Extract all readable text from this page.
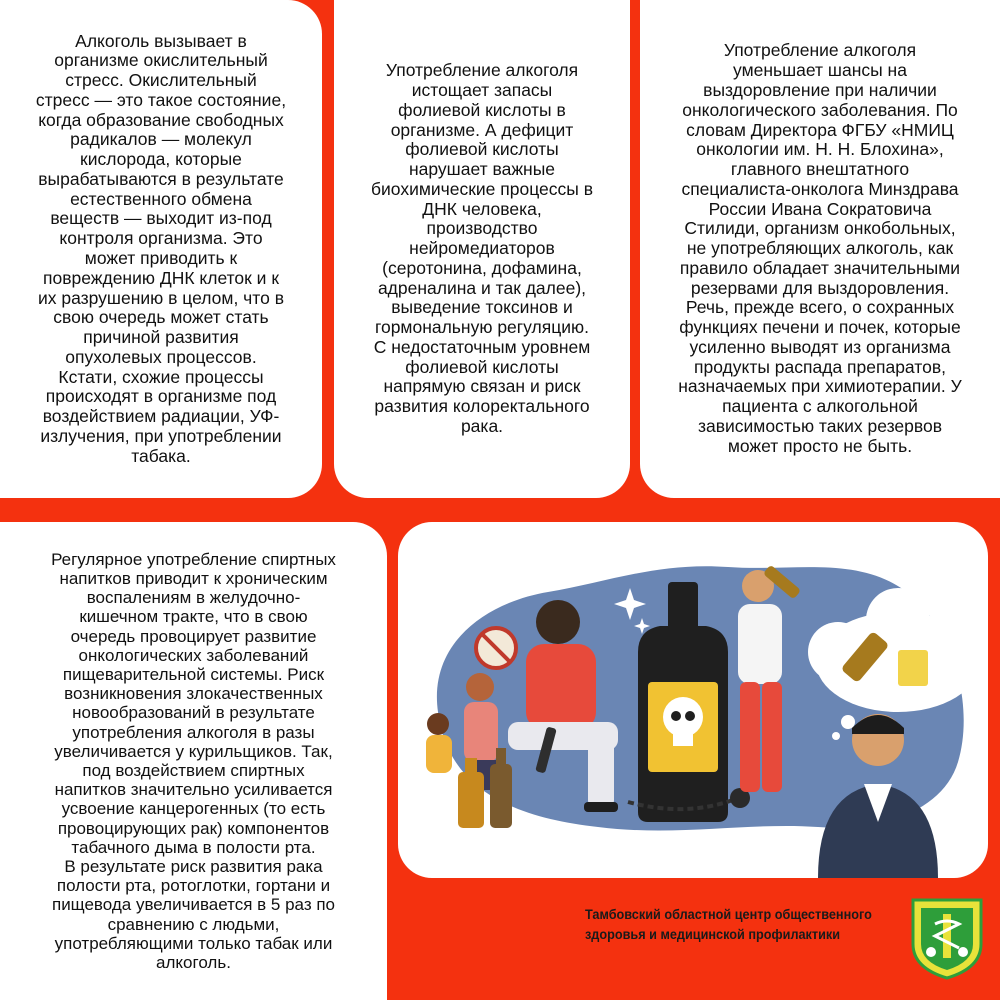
Алкоголь вызывает в
организме окислительный
стресс. Окислительный
стресс — это такое состояние,
когда образование свободных
радикалов — молекул
кислорода, которые
вырабатываются в результате
естественного обмена
веществ — выходит из-под
контроля организма. Это
может приводить к
повреждению ДНК клеток и к
их разрушению в целом, что в
свою очередь может стать
причиной развития
опухолевых процессов.
Кстати, схожие процессы
происходят в организме под
воздействием радиации, УФ-
излучения, при употреблении
табака.

Употребление алкоголя
истощает запасы
фолиевой кислоты в
организме. А дефицит
фолиевой кислоты
нарушает важные
биохимические процессы в
ДНК человека,
производство
нейромедиаторов
(серотонина, дофамина,
адреналина и так далее),
выведение токсинов и
гормональную регуляцию.
С недостаточным уровнем
фолиевой кислоты
напрямую связан и риск
развития колоректального
рака.

Употребление алкоголя
уменьшает шансы на
выздоровление при наличии
онкологического заболевания. По
словам Директора ФГБУ «НМИЦ
онкологии им. Н. Н. Блохина»,
главного внештатного
специалиста-онколога Минздрава
России Ивана Сократовича
Стилиди, организм онкобольных,
не употребляющих алкоголь, как
правило обладает значительными
резервами для выздоровления.
Речь, прежде всего, о сохранных
функциях печени и почек, которые
усиленно выводят из организма
продукты распада препаратов,
назначаемых при химиотерапии. У
пациента с алкогольной
зависимостью таких резервов
может просто не быть.

Регулярное употребление спиртных
напитков приводит к хроническим
воспалениям в желудочно-
кишечном тракте, что в свою
очередь провоцирует развитие
онкологических заболеваний
пищеварительной системы. Риск
возникновения злокачественных
новообразований в результате
употребления алкоголя в разы
увеличивается у курильщиков. Так,
под воздействием спиртных
напитков значительно усиливается
усвоение канцерогенных (то есть
провоцирующих рак) компонентов
табачного дыма в полости рта.
В результате риск развития рака
полости рта, ротоглотки, гортани и
пищевода увеличивается в 5 раз по
сравнению с людьми,
употребляющими только табак или
алкоголь.

Тамбовский областной центр общественного
здоровья и медицинской профилактики
